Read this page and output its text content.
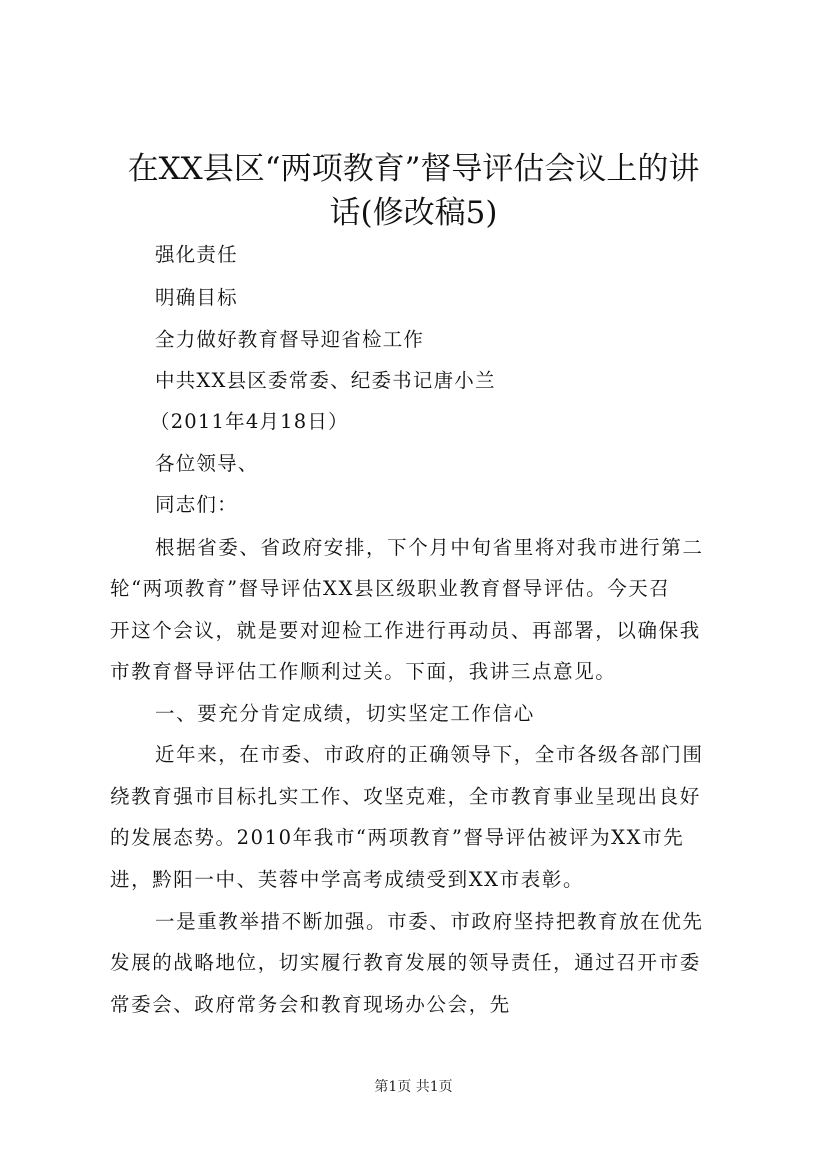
在XX县区“两项教育”督导评估会议上的讲
话(修改稿5)
强化责任
明确目标
全力做好教育督导迎省检工作
中共XX县区委常委、纪委书记唐小兰
（2011年4月18日）
各位领导、
同志们：
根据省委、省政府安排，下个月中旬省里将对我市进行第二
轮“两项教育”督导评估XX县区级职业教育督导评估。今天召
开这个会议，就是要对迎检工作进行再动员、再部署，以确保我
市教育督导评估工作顺利过关。下面，我讲三点意见。
一、要充分肯定成绩，切实坚定工作信心
近年来，在市委、市政府的正确领导下，全市各级各部门围
绕教育强市目标扎实工作、攻坚克难，全市教育事业呈现出良好
的发展态势。2010年我市“两项教育”督导评估被评为XX市先
进，黔阳一中、芙蓉中学高考成绩受到XX市表彰。
一是重教举措不断加强。市委、市政府坚持把教育放在优先
发展的战略地位，切实履行教育发展的领导责任，通过召开市委
常委会、政府常务会和教育现场办公会，先
第1页 共1页
